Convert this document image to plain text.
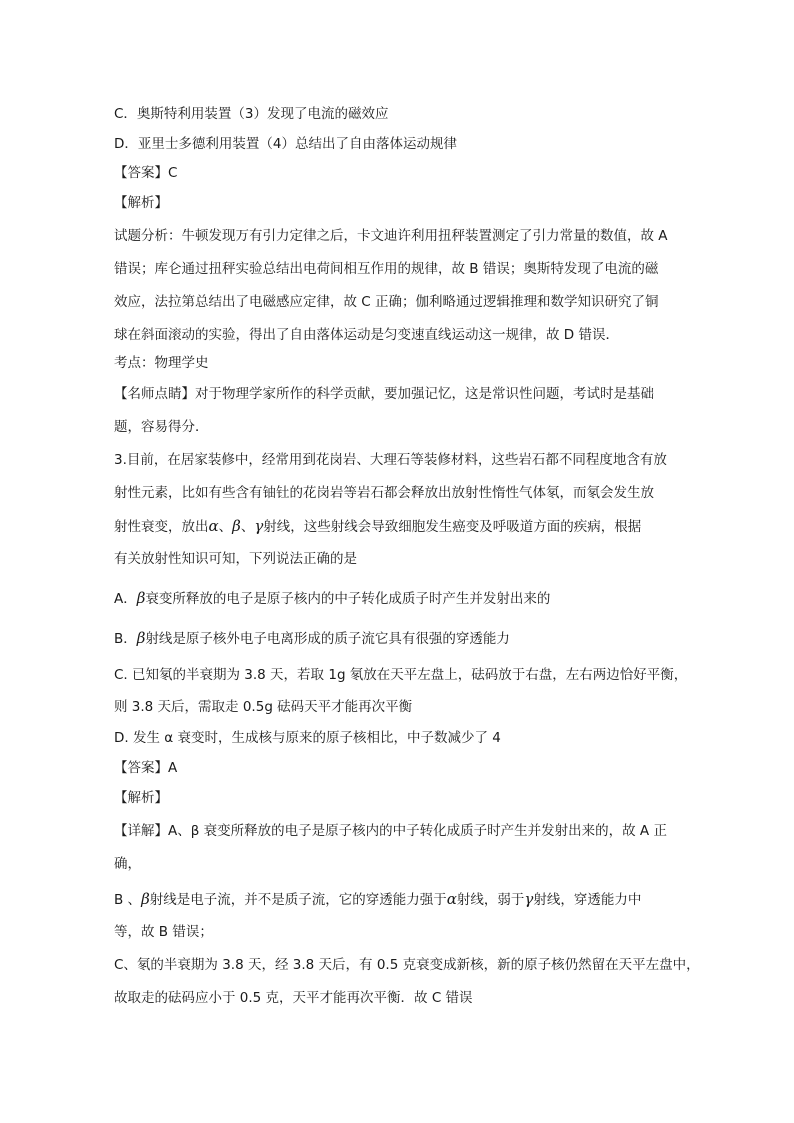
C．奥斯特利用装置（3）发现了电流的磁效应
D．亚里士多德利用装置（4）总结出了自由落体运动规律
【答案】C
【解析】
试题分析：牛顿发现万有引力定律之后，卡文迪许利用扭秤装置测定了引力常量的数值，故 A
错误；库仑通过扭秤实验总结出电荷间相互作用的规律，故 B 错误；奥斯特发现了电流的磁
效应，法拉第总结出了电磁感应定律，故 C 正确；伽利略通过逻辑推理和数学知识研究了铜
球在斜面滚动的实验，得出了自由落体运动是匀变速直线运动这一规律，故 D 错误．
考点：物理学史
【名师点睛】对于物理学家所作的科学贡献，要加强记忆，这是常识性问题，考试时是基础
题，容易得分．
3.目前，在居家装修中，经常用到花岗岩、大理石等装修材料，这些岩石都不同程度地含有放
射性元素，比如有些含有铀钍的花岗岩等岩石都会释放出放射性惰性气体氡，而氡会发生放
射性衰变，放出α、β、γ射线，这些射线会导致细胞发生癌变及呼吸道方面的疾病，根据
有关放射性知识可知，下列说法正确的是
A．β衰变所释放的电子是原子核内的中子转化成质子时产生并发射出来的
B．β射线是原子核外电子电离形成的质子流它具有很强的穿透能力
C. 已知氡的半衰期为 3.8 天，若取 1g 氡放在天平左盘上，砝码放于右盘，左右两边恰好平衡，
则 3.8 天后，需取走 0.5g 砝码天平才能再次平衡
D. 发生 α 衰变时，生成核与原来的原子核相比，中子数减少了 4
【答案】A
【解析】
【详解】A、β 衰变所释放的电子是原子核内的中子转化成质子时产生并发射出来的，故 A 正
确，
B 、β射线是电子流，并不是质子流，它的穿透能力强于α射线，弱于γ射线，穿透能力中
等，故 B 错误；
C、氡的半衰期为 3.8 天，经 3.8 天后，有 0.5 克衰变成新核，新的原子核仍然留在天平左盘中，
故取走的砝码应小于 0.5 克，天平才能再次平衡．故 C 错误
